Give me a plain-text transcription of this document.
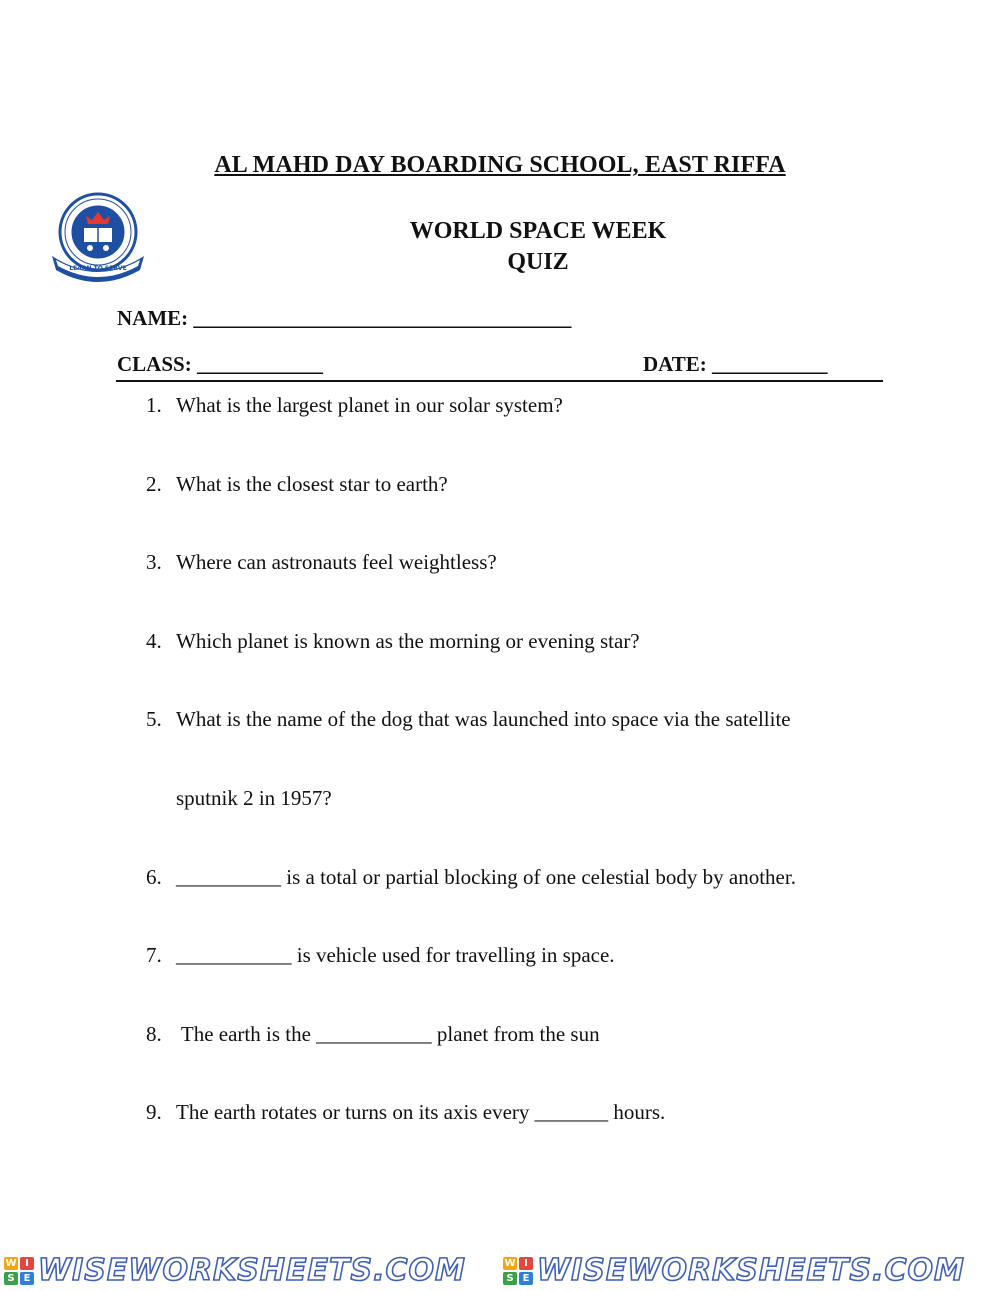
AL MAHD DAY BOARDING SCHOOL, EAST RIFFA
LEARN TO SERVE
WORLD SPACE WEEK
QUIZ
NAME: ____________________________________
CLASS: ____________	DATE: ___________
1. What is the largest planet in our solar system?
2. What is the closest star to earth?
3. Where can astronauts feel weightless?
4. Which planet is known as the morning or evening star?
5. What is the name of the dog that was launched into space via the satellite
sputnik 2 in 1957?
6. __________ is a total or partial blocking of one celestial body by another.
7. ___________ is vehicle used for travelling in space.
8. The earth is the ___________ planet from the sun
9. The earth rotates or turns on its axis every _______ hours.
W I
S E WISEWORKSHEETS.COM	W I
S E WISEWORKSHEETS.COM
